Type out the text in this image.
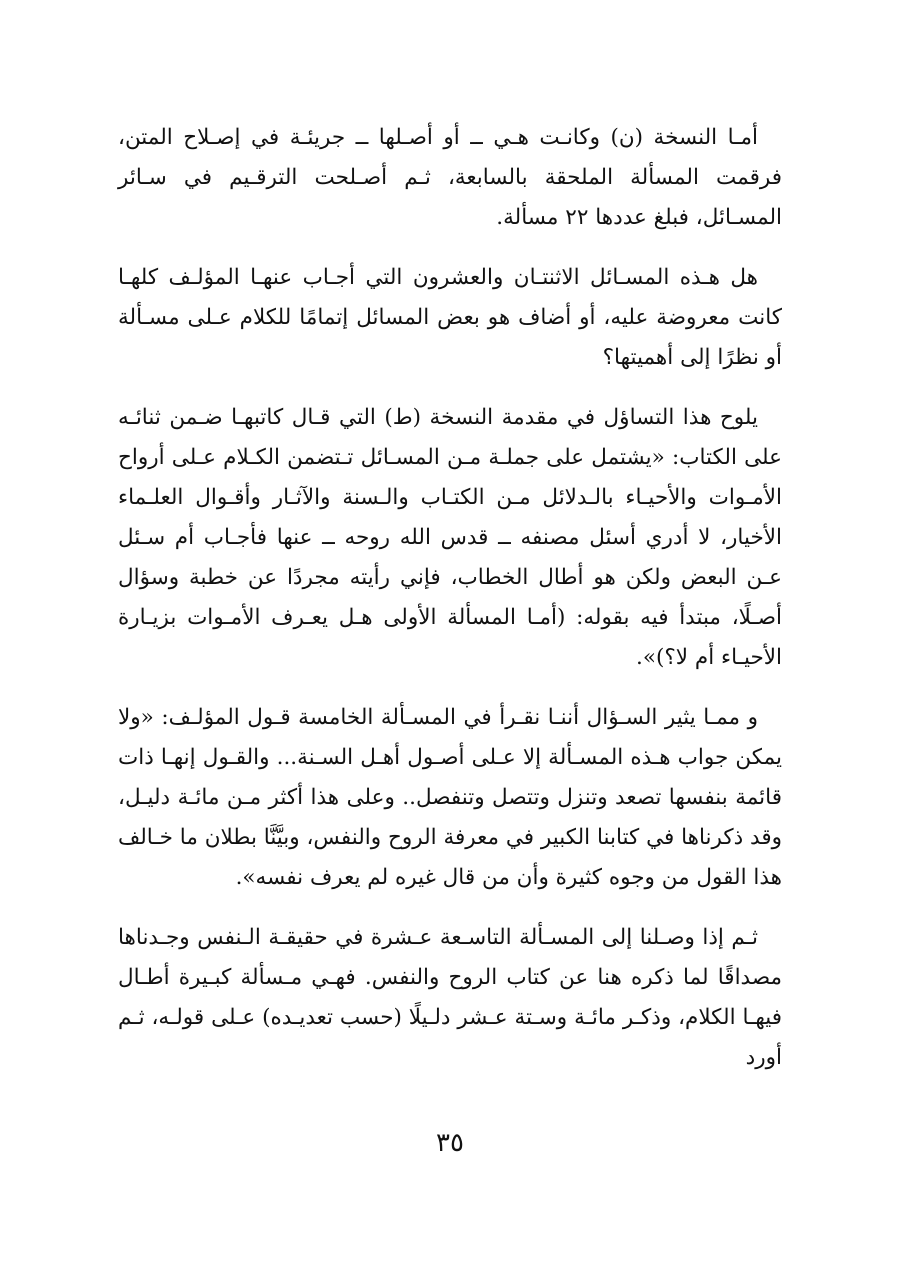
أمـا النسخة (ن) وكانـت هـي ــ أو أصـلها ــ جريئـة في إصـلاح المتن، فرقمت المسألة الملحقة بالسابعة، ثـم أصـلحت الترقـيم في سـائر المسـائل، فبلغ عددها ٢٢ مسألة.

هل هـذه المسـائل الاثنتـان والعشرون التي أجـاب عنهـا المؤلـف كلهـا كانت معروضة عليه، أو أضاف هو بعض المسائل إتمامًا للكلام عـلى مسـألة أو نظرًا إلى أهميتها؟

يلوح هذا التساؤل في مقدمة النسخة (ط) التي قـال كاتبهـا ضـمن ثنائـه على الكتاب: «يشتمل على جملـة مـن المسـائل تـتضمن الكـلام عـلى أرواح الأمـوات والأحيـاء بالـدلائل مـن الكتـاب والـسنة والآثـار وأقـوال العلـماء الأخيار، لا أدري أسئل مصنفه ــ قدس الله روحه ــ عنها فأجـاب أم سـئل عـن البعض ولكن هو أطال الخطاب، فإني رأيته مجردًا عن خطبة وسؤال أصـلًا، مبتدأ فيه بقوله: (أمـا المسألة الأولى هـل يعـرف الأمـوات بزيـارة الأحيـاء أم لا؟)».

و ممـا يثير السـؤال أننـا نقـرأ في المسـألة الخامسة قـول المؤلـف: «ولا يمكن جواب هـذه المسـألة إلا عـلى أصـول أهـل السـنة... والقـول إنهـا ذات قائمة بنفسها تصعد وتنزل وتتصل وتنفصل.. وعلى هذا أكثر مـن مائـة دليـل، وقد ذكرناها في كتابنا الكبير في معرفة الروح والنفس، وبيَّنَّا بطلان ما خـالف هذا القول من وجوه كثيرة وأن من قال غيره لم يعرف نفسه».

ثـم إذا وصـلنا إلى المسـألة التاسـعة عـشرة في حقيقـة الـنفس وجـدناها مصداقًا لما ذكره هنا عن كتاب الروح والنفس. فهـي مـسألة كبـيرة أطـال فيهـا الكلام، وذكـر مائـة وسـتة عـشر دلـيلًا (حسب تعديـده) عـلى قولـه، ثـم أورد

٣٥
